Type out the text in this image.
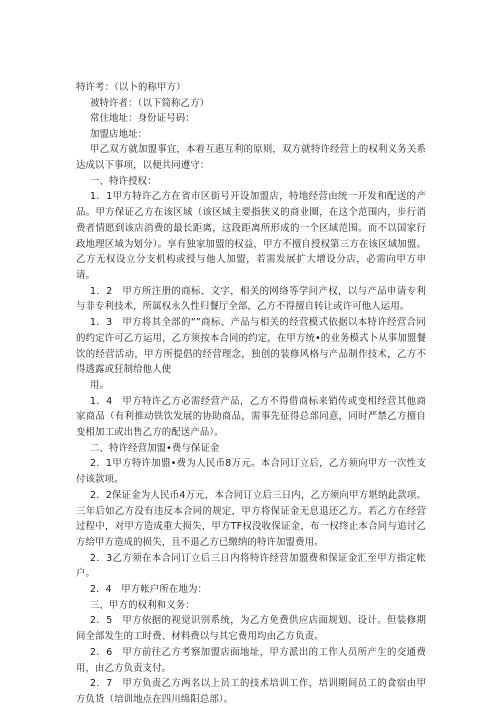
特许考：（以卜的称甲方）
被特许者：（以下简称乙方）
常住地址：身份证号码：
加盟店地址：
甲乙双方就加盟事宜，本着互惠互利的原则，双方就特许经营上的权利义务关系达成以下事项，以便共同遵守：
一、特许授权：
1．1甲方特许乙方在省市区街号开设加盟店，特地经营由统一开发和配送的产品。甲方保证乙方在该区域（该区域主要指狭义的商业圈，在这个范围内，步行消费者情愿到该店消费的最长距离，这段距离所形成的一个区域范围。而不以国家行政地理区域为划分）。享有独家加盟的权益，甲方不擅自授权第三方在该区域加盟。乙方无权设立分支机构或授与他人加盟，若需发展扩大增设分店，必需向甲方申请。
1．2　甲方所注册的商标、文字，相关的网络等学问产权，以与产品申请专利与非专利技术，所属权永久性归餐厅全部，乙方不得擅自转让或许可他人运用。
1．3　甲方将其全部的“”商标、产品与相关的经营模式依据以本特许经营合同的约定许可乙方运用，乙方须按本合同的约定，在甲方统•的业务模式卜从事加盟餐饮的经营活动，甲方所提倡的经营理念，独创的装修风格与产品制作技术，乙方不得透露或狂制给他人使
用。
1．4　甲方特许乙方必需经营产品，乙方不得借商标来销传或变相经营其他商家商品（有利推动铁饮发展的协助商品，需事先征得总部同意，同时严禁乙方擅自变相加工或出售乙方的配送产品）。
二、特许经营加盟•费与保证金
2．1甲方特许加盟•费为人民币8万元。本合同订立后，乙方须向甲方一次性支付该款项。
2．2保证金为人民币4万元，本合同订立后三日内，乙方须向甲方堪纳此款项。三年后如乙方没有违反本合同的规定，甲方将保证金无息退还乙方。若乙方在经营过程中，对甲方造成重大损失，甲方TF权没收保证金，布一权终止本合同与追讨乙方给甲方造成的损失，且不退乙方已缴纳的特许加盟费用。
2．3乙方须在本合同订立后三日内将特许经营加盟费和保证金汇至甲方指定帐户。
2．4　甲方帐户所在地为：
三、甲方的权利和义务：
2．5　甲方依据的视觉识别系统，为乙方免费供应店面规划、设计。但装修期间全部发生的工时费、材料费以与其它费用均由乙方负责。
2．6　甲方前往乙方考察加盟店面地址，甲方派出的工作人员所产生的交通费用，由乙方负责支付。
2．7　甲方负责乙方两名以上员工的技术培训工作，培训期间员工的食宿由甲方负货（培训地点在四川绵阳总部）。
